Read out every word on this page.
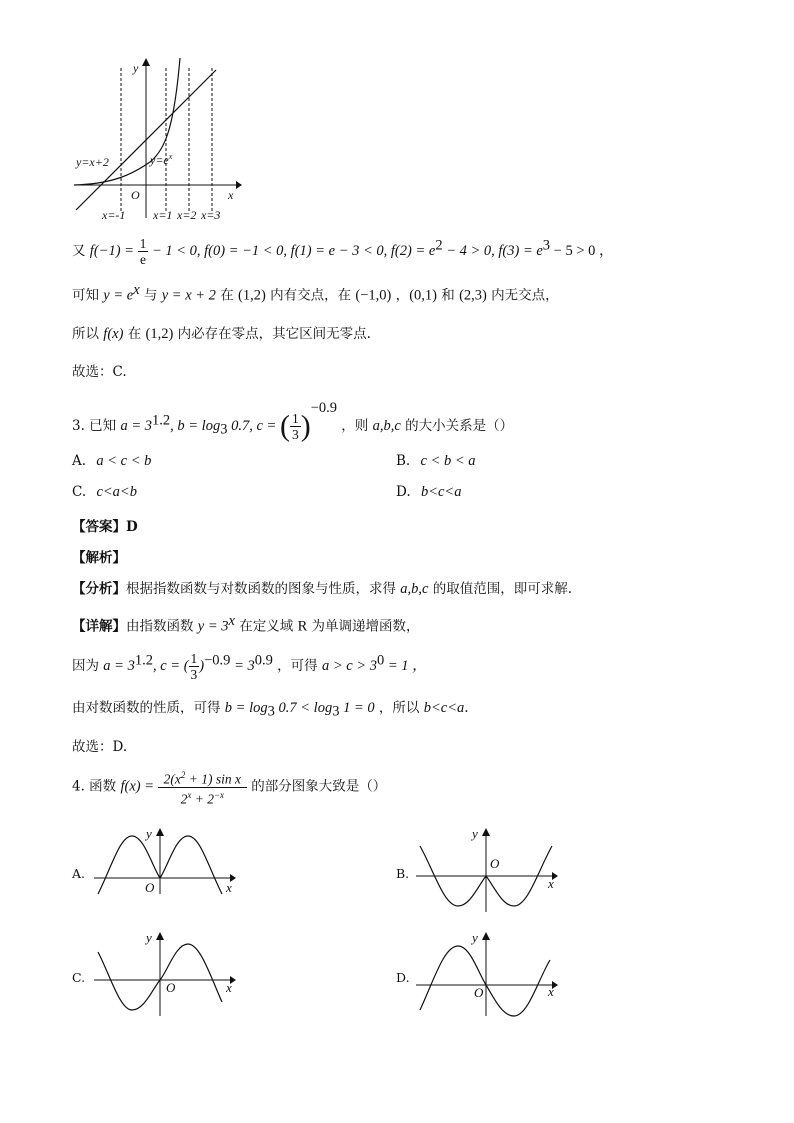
y
x
O
y=x+2	$y=e^x$
x=-1 x=1 x=2 x=3
又 $f(-1) = \frac{1}{e} - 1 < 0$, f(0) = −1 < 0, f(1) = e − 3 < 0, $f(2) = e^2 - 4 > 0$, $f(3) = e^3 - 5 > 0$ ，
可知 $y = e^x$ 与 y = x + 2 在 (1,2) 内有交点，在 (−1,0) ，(0,1) 和 (2,3) 内无交点，
所以 f(x) 在 (1,2) 内必存在零点，其它区间无零点.
故选：C.
3. 已知 $a = 3^{1.2}$, $b = \log_3 0.7$, c = ( $\frac{1}{3} )^{-0.9}$ ，则 a,b,c 的大小关系是（）
A. a < c < b	B. c < b < a
C. c<a<b	D. b<c<a
【答案】D
【解析】
【分析】根据指数函数与对数函数的图象与性质，求得 a,b,c 的取值范围，即可求解.
【详解】由指数函数 $y = 3^x$ 在定义域 R 为单调递增函数，
因为 $a = 3^{1.2}$, c = ( $\frac{1}{3} )^{-0.9} = 3^{0.9}$ ，可得 $a > c > 3^0 = 1$ ，
由对数函数的性质，可得 $b = \log_3 0.7 < \log_3 1 = 0$ ，所以 b<c<a.
故选：D.
4. 函数 $f(x) = \frac{2(x^2 + 1) \sin x}{2^x + 2^{-x}}$ 的部分图象大致是（）
A.
y
x
O
B.
y
x
O
C.
y
x
O
D.
y
x
O
